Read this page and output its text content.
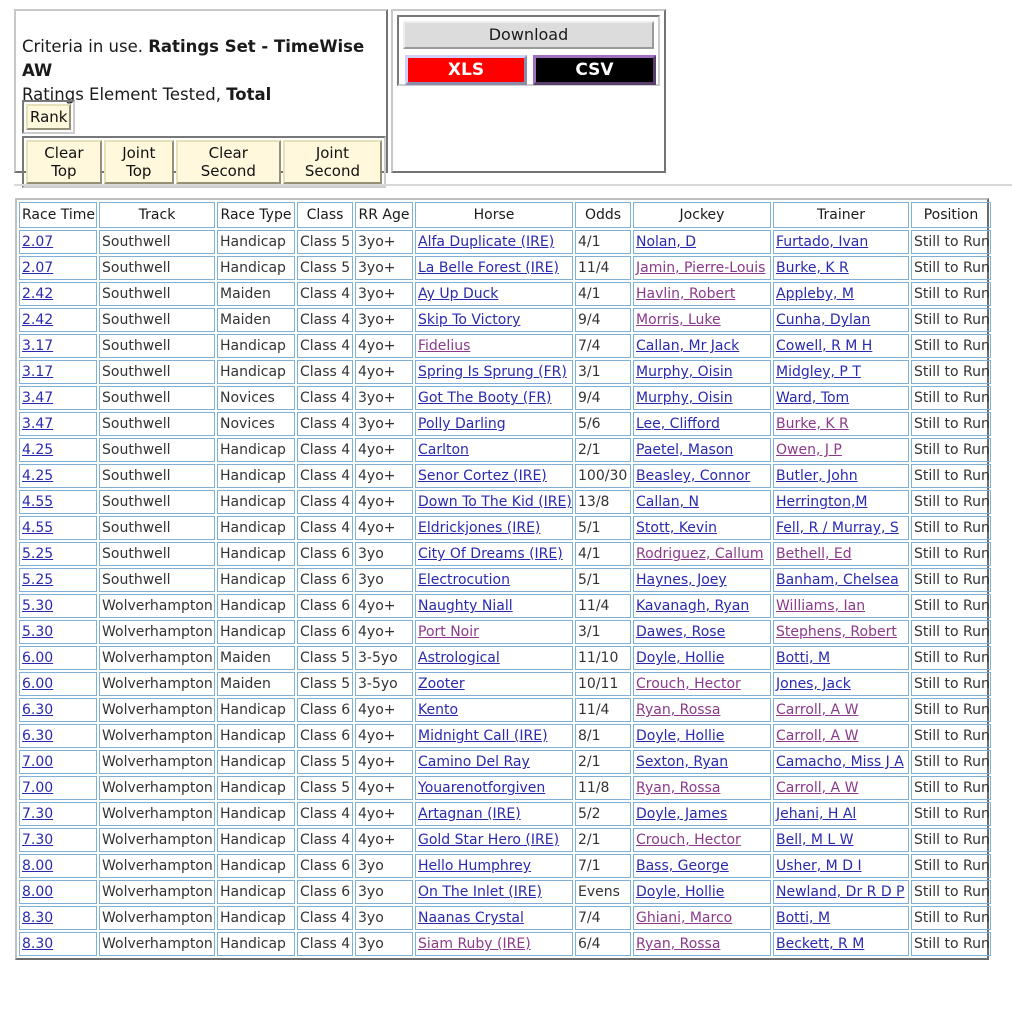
Criteria in use. Ratings Set - TimeWise AW
Ratings Element Tested, Total
Rank
Clear Top
Joint Top
Clear Second
Joint Second
Download
XLS	CSV
Race Time	Track	Race Type	Class	RR Age	Horse	Odds	Jockey	Trainer	Position
2.07	Southwell	Handicap	Class 5	3yo+	Alfa Duplicate (IRE)	4/1	Nolan, D	Furtado, Ivan	Still to Run
2.07	Southwell	Handicap	Class 5	3yo+	La Belle Forest (IRE)	11/4	Jamin, Pierre-Louis	Burke, K R	Still to Run
2.42	Southwell	Maiden	Class 4	3yo+	Ay Up Duck	4/1	Havlin, Robert	Appleby, M	Still to Run
2.42	Southwell	Maiden	Class 4	3yo+	Skip To Victory	9/4	Morris, Luke	Cunha, Dylan	Still to Run
3.17	Southwell	Handicap	Class 4	4yo+	Fidelius	7/4	Callan, Mr Jack	Cowell, R M H	Still to Run
3.17	Southwell	Handicap	Class 4	4yo+	Spring Is Sprung (FR)	3/1	Murphy, Oisin	Midgley, P T	Still to Run
3.47	Southwell	Novices	Class 4	3yo+	Got The Booty (FR)	9/4	Murphy, Oisin	Ward, Tom	Still to Run
3.47	Southwell	Novices	Class 4	3yo+	Polly Darling	5/6	Lee, Clifford	Burke, K R	Still to Run
4.25	Southwell	Handicap	Class 4	4yo+	Carlton	2/1	Paetel, Mason	Owen, J P	Still to Run
4.25	Southwell	Handicap	Class 4	4yo+	Senor Cortez (IRE)	100/30	Beasley, Connor	Butler, John	Still to Run
4.55	Southwell	Handicap	Class 4	4yo+	Down To The Kid (IRE)	13/8	Callan, N	Herrington,M	Still to Run
4.55	Southwell	Handicap	Class 4	4yo+	Eldrickjones (IRE)	5/1	Stott, Kevin	Fell, R / Murray, S	Still to Run
5.25	Southwell	Handicap	Class 6	3yo	City Of Dreams (IRE)	4/1	Rodriguez, Callum	Bethell, Ed	Still to Run
5.25	Southwell	Handicap	Class 6	3yo	Electrocution	5/1	Haynes, Joey	Banham, Chelsea	Still to Run
5.30	Wolverhampton	Handicap	Class 6	4yo+	Naughty Niall	11/4	Kavanagh, Ryan	Williams, Ian	Still to Run
5.30	Wolverhampton	Handicap	Class 6	4yo+	Port Noir	3/1	Dawes, Rose	Stephens, Robert	Still to Run
6.00	Wolverhampton	Maiden	Class 5	3-5yo	Astrological	11/10	Doyle, Hollie	Botti, M	Still to Run
6.00	Wolverhampton	Maiden	Class 5	3-5yo	Zooter	10/11	Crouch, Hector	Jones, Jack	Still to Run
6.30	Wolverhampton	Handicap	Class 6	4yo+	Kento	11/4	Ryan, Rossa	Carroll, A W	Still to Run
6.30	Wolverhampton	Handicap	Class 6	4yo+	Midnight Call (IRE)	8/1	Doyle, Hollie	Carroll, A W	Still to Run
7.00	Wolverhampton	Handicap	Class 5	4yo+	Camino Del Ray	2/1	Sexton, Ryan	Camacho, Miss J A	Still to Run
7.00	Wolverhampton	Handicap	Class 5	4yo+	Youarenotforgiven	11/8	Ryan, Rossa	Carroll, A W	Still to Run
7.30	Wolverhampton	Handicap	Class 4	4yo+	Artagnan (IRE)	5/2	Doyle, James	Jehani, H Al	Still to Run
7.30	Wolverhampton	Handicap	Class 4	4yo+	Gold Star Hero (IRE)	2/1	Crouch, Hector	Bell, M L W	Still to Run
8.00	Wolverhampton	Handicap	Class 6	3yo	Hello Humphrey	7/1	Bass, George	Usher, M D I	Still to Run
8.00	Wolverhampton	Handicap	Class 6	3yo	On The Inlet (IRE)	Evens	Doyle, Hollie	Newland, Dr R D P	Still to Run
8.30	Wolverhampton	Handicap	Class 4	3yo	Naanas Crystal	7/4	Ghiani, Marco	Botti, M	Still to Run
8.30	Wolverhampton	Handicap	Class 4	3yo	Siam Ruby (IRE)	6/4	Ryan, Rossa	Beckett, R M	Still to Run
